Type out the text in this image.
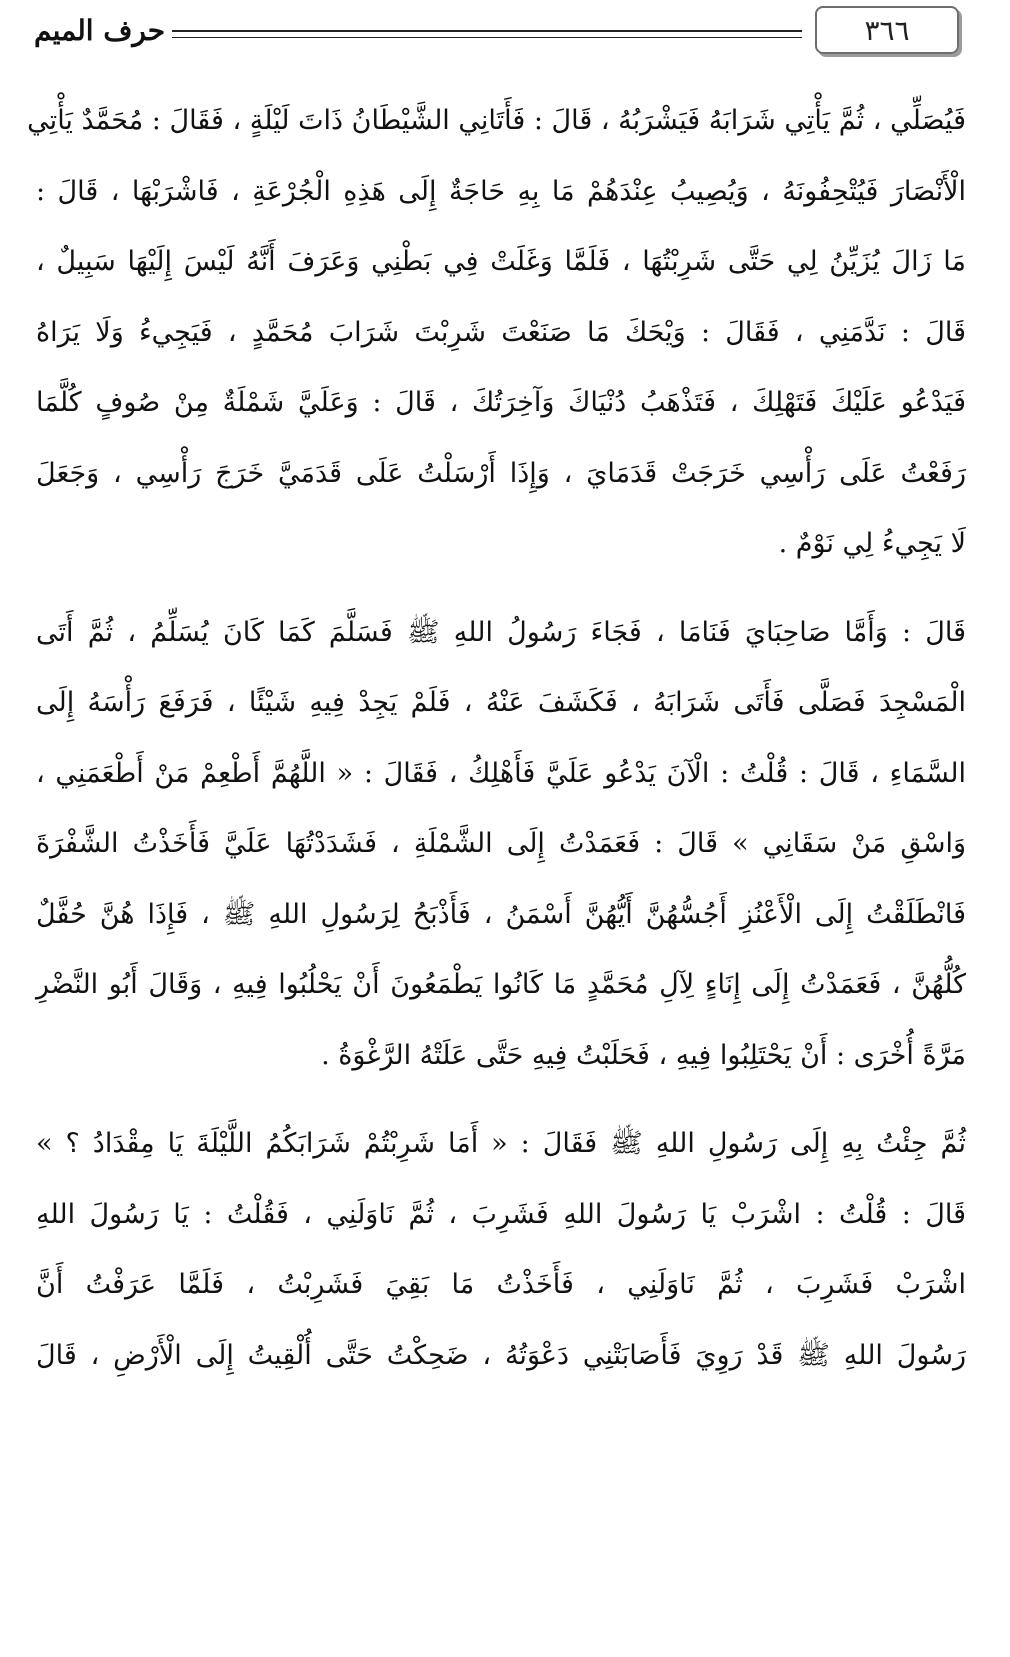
٣٦٦
حرف الميم
فَيُصَلِّي ، ثُمَّ يَأْتِي شَرَابَهُ فَيَشْرَبُهُ ، قَالَ : فَأَتَانِي الشَّيْطَانُ ذَاتَ لَيْلَةٍ ، فَقَالَ : مُحَمَّدٌ يَأْتِي
الْأَنْصَارَ فَيُتْحِفُونَهُ ، وَيُصِيبُ عِنْدَهُمْ مَا بِهِ حَاجَةٌ إِلَى هَذِهِ الْجُرْعَةِ ، فَاشْرَبْهَا ، قَالَ :
مَا زَالَ يُزَيِّنُ لِي حَتَّى شَرِبْتُهَا ، فَلَمَّا وَغَلَتْ فِي بَطْنِي وَعَرَفَ أَنَّهُ لَيْسَ إِلَيْهَا سَبِيلٌ ،
قَالَ : نَدَّمَنِي ، فَقَالَ : وَيْحَكَ مَا صَنَعْتَ شَرِبْتَ شَرَابَ مُحَمَّدٍ ، فَيَجِيءُ وَلَا يَرَاهُ
فَيَدْعُو عَلَيْكَ فَتَهْلِكَ ، فَتَذْهَبُ دُنْيَاكَ وَآخِرَتُكَ ، قَالَ : وَعَلَيَّ شَمْلَةٌ مِنْ صُوفٍ كُلَّمَا
رَفَعْتُ عَلَى رَأْسِي خَرَجَتْ قَدَمَايَ ، وَإِذَا أَرْسَلْتُ عَلَى قَدَمَيَّ خَرَجَ رَأْسِي ، وَجَعَلَ
لَا يَجِيءُ لِي نَوْمٌ .
قَالَ : وَأَمَّا صَاحِبَايَ فَنَامَا ، فَجَاءَ رَسُولُ اللهِ ﷺ فَسَلَّمَ كَمَا كَانَ يُسَلِّمُ ، ثُمَّ أَتَى
الْمَسْجِدَ فَصَلَّى فَأَتَى شَرَابَهُ ، فَكَشَفَ عَنْهُ ، فَلَمْ يَجِدْ فِيهِ شَيْئًا ، فَرَفَعَ رَأْسَهُ إِلَى
السَّمَاءِ ، قَالَ : قُلْتُ : الْآنَ يَدْعُو عَلَيَّ فَأَهْلِكُ ، فَقَالَ : « اللَّهُمَّ أَطْعِمْ مَنْ أَطْعَمَنِي ،
وَاسْقِ مَنْ سَقَانِي » قَالَ : فَعَمَدْتُ إِلَى الشَّمْلَةِ ، فَشَدَدْتُهَا عَلَيَّ فَأَخَذْتُ الشَّفْرَةَ
فَانْطَلَقْتُ إِلَى الْأَعْنُزِ أَجُسُّهُنَّ أَيُّهُنَّ أَسْمَنُ ، فَأَذْبَحُ لِرَسُولِ اللهِ ﷺ ، فَإِذَا هُنَّ حُفَّلٌ
كُلُّهُنَّ ، فَعَمَدْتُ إِلَى إِنَاءٍ لِآلِ مُحَمَّدٍ مَا كَانُوا يَطْمَعُونَ أَنْ يَحْلُبُوا فِيهِ ، وَقَالَ أَبُو النَّضْرِ
مَرَّةً أُخْرَى : أَنْ يَحْتَلِبُوا فِيهِ ، فَحَلَبْتُ فِيهِ حَتَّى عَلَتْهُ الرَّغْوَةُ .
ثُمَّ جِئْتُ بِهِ إِلَى رَسُولِ اللهِ ﷺ فَقَالَ : « أَمَا شَرِبْتُمْ شَرَابَكُمُ اللَّيْلَةَ يَا مِقْدَادُ ؟ »
قَالَ : قُلْتُ : اشْرَبْ يَا رَسُولَ اللهِ فَشَرِبَ ، ثُمَّ نَاوَلَنِي ، فَقُلْتُ : يَا رَسُولَ اللهِ
اشْرَبْ فَشَرِبَ ، ثُمَّ نَاوَلَنِي ، فَأَخَذْتُ مَا بَقِيَ فَشَرِبْتُ ، فَلَمَّا عَرَفْتُ أَنَّ
رَسُولَ اللهِ ﷺ قَدْ رَوِيَ فَأَصَابَتْنِي دَعْوَتُهُ ، ضَحِكْتُ حَتَّى أُلْقِيتُ إِلَى الْأَرْضِ ، قَالَ
